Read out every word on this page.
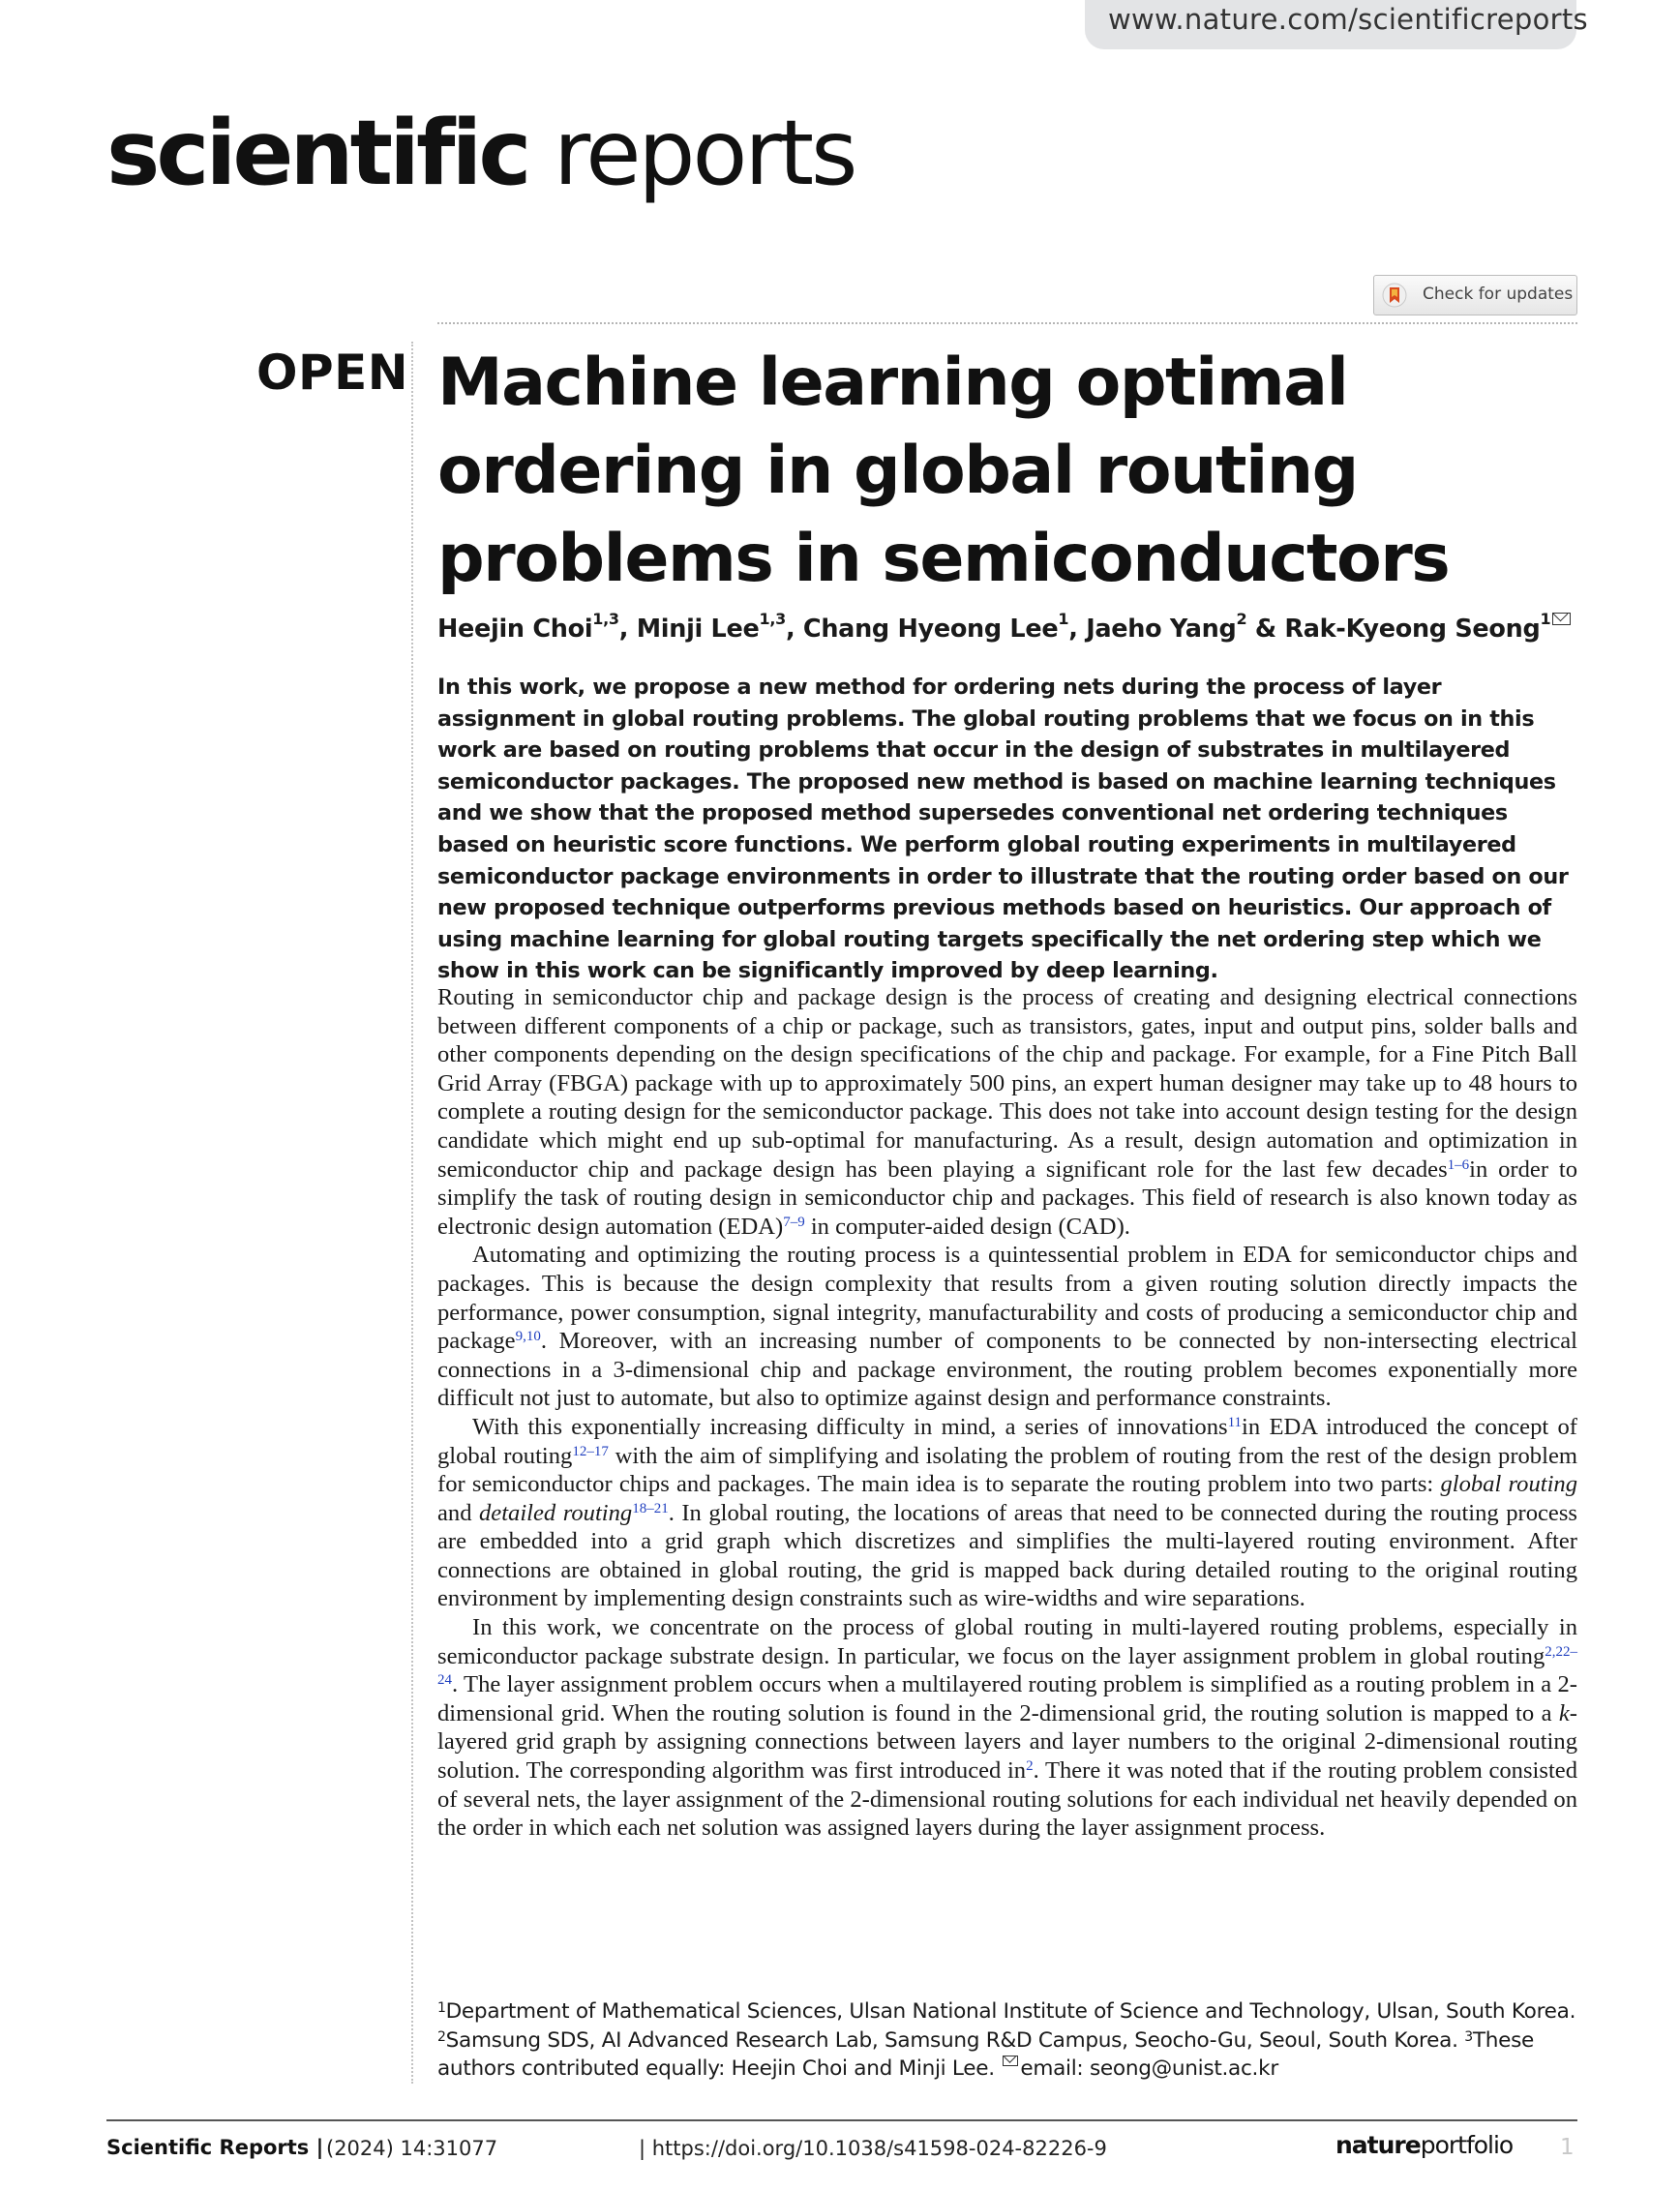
www.nature.com/scientificreports
scientific reports
Check for updates
OPEN Machine learning optimal ordering in global routing problems in semiconductors
Heejin Choi$^{1,3}$, Minji Lee$^{1,3}$, Chang Hyeong Lee$^1$, Jaeho Yang$^2$ & Rak-Kyeong Seong$^1$
In this work, we propose a new method for ordering nets during the process of layer assignment in global routing problems. The global routing problems that we focus on in this work are based on routing problems that occur in the design of substrates in multilayered semiconductor packages. The proposed new method is based on machine learning techniques and we show that the proposed method supersedes conventional net ordering techniques based on heuristic score functions. We perform global routing experiments in multilayered semiconductor package environments in order to illustrate that the routing order based on our new proposed technique outperforms previous methods based on heuristics. Our approach of using machine learning for global routing targets specifically the net ordering step which we show in this work can be significantly improved by deep learning.

Routing in semiconductor chip and package design is the process of creating and designing electrical connections between different components of a chip or package, such as transistors, gates, input and output pins, solder balls and other components depending on the design specifications of the chip and package. For example, for a Fine Pitch Ball Grid Array (FBGA) package with up to approximately 500 pins, an expert human designer may take up to 48 hours to complete a routing design for the semiconductor package. This does not take into account design testing for the design candidate which might end up sub-optimal for manufacturing. As a result, design automation and optimization in semiconductor chip and package design has been playing a significant role for the last few decades$^{1-6}$in order to simplify the task of routing design in semiconductor chip and packages. This field of research is also known today as electronic design automation (EDA)$^{7-9}$ in computer-aided design (CAD).

Automating and optimizing the routing process is a quintessential problem in EDA for semiconductor chips and packages. This is because the design complexity that results from a given routing solution directly impacts the performance, power consumption, signal integrity, manufacturability and costs of producing a semiconductor chip and package$^{9,10}$. Moreover, with an increasing number of components to be connected by non-intersecting electrical connections in a 3-dimensional chip and package environment, the routing problem becomes exponentially more difficult not just to automate, but also to optimize against design and performance constraints.

With this exponentially increasing difficulty in mind, a series of innovations$^{11}$in EDA introduced the concept of global routing$^{12-17}$ with the aim of simplifying and isolating the problem of routing from the rest of the design problem for semiconductor chips and packages. The main idea is to separate the routing problem into two parts: global routing and detailed routing$^{18-21}$. In global routing, the locations of areas that need to be connected during the routing process are embedded into a grid graph which discretizes and simplifies the multi-layered routing environment. After connections are obtained in global routing, the grid is mapped back during detailed routing to the original routing environment by implementing design constraints such as wire-widths and wire separations.

In this work, we concentrate on the process of global routing in multi-layered routing problems, especially in semiconductor package substrate design. In particular, we focus on the layer assignment problem in global routing$^{2,22-24}$. The layer assignment problem occurs when a multilayered routing problem is simplified as a routing problem in a 2-dimensional grid. When the routing solution is found in the 2-dimensional grid, the routing solution is mapped to a k-layered grid graph by assigning connections between layers and layer numbers to the original 2-dimensional routing solution. The corresponding algorithm was first introduced $in^2$. There it was noted that if the routing problem consisted of several nets, the layer assignment of the 2-dimensional routing solutions for each individual net heavily depended on the order in which each net solution was assigned layers during the layer assignment process.

$^1$Department of Mathematical Sciences, Ulsan National Institute of Science and Technology, Ulsan, South Korea. $^2$Samsung SDS, AI Advanced Research Lab, Samsung R&D Campus, Seocho-Gu, Seoul, South Korea. $^3$These authors contributed equally: Heejin Choi and Minji Lee. email: seong@unist.ac.kr
Scientific Reports | (2024) 14:31077	| https://doi.org/10.1038/s41598-024-82226-9	natureportfolio 1
